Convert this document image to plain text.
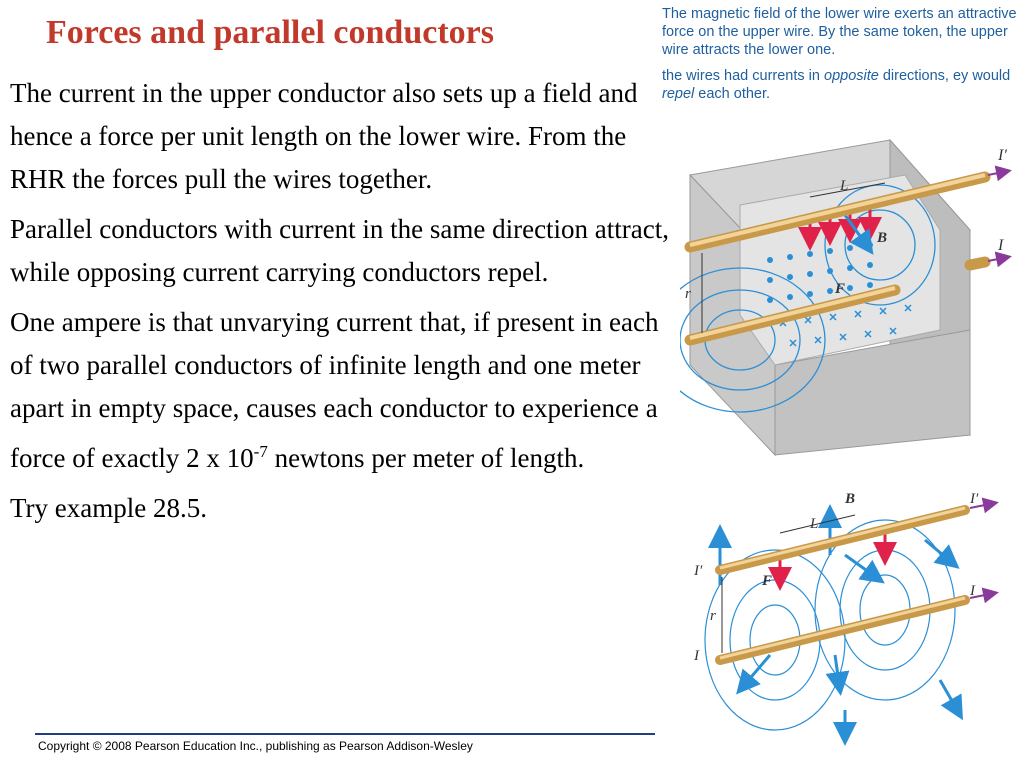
Forces and parallel conductors

The current in the upper conductor also sets up a field and hence a force per unit length on the lower wire. From the RHR the forces pull the wires together.

Parallel conductors with current in the same direction attract, while opposing current carrying conductors repel.

One ampere is that unvarying current that, if present in each of two parallel conductors of infinite length and one meter apart in empty space, causes each conductor to experience a force of exactly 2 x $10^{-7}$ newtons per meter of length.

Try example 28.5.

The magnetic field of the lower wire exerts an attractive force on the upper wire. By the same token, the upper wire attracts the lower one.

the wires had currents in opposite directions, ey would repel each other.

I′
I
L
B
F
r
I′
I′
I
I
L
r
F
B
Copyright © 2008 Pearson Education Inc., publishing as Pearson Addison-Wesley
